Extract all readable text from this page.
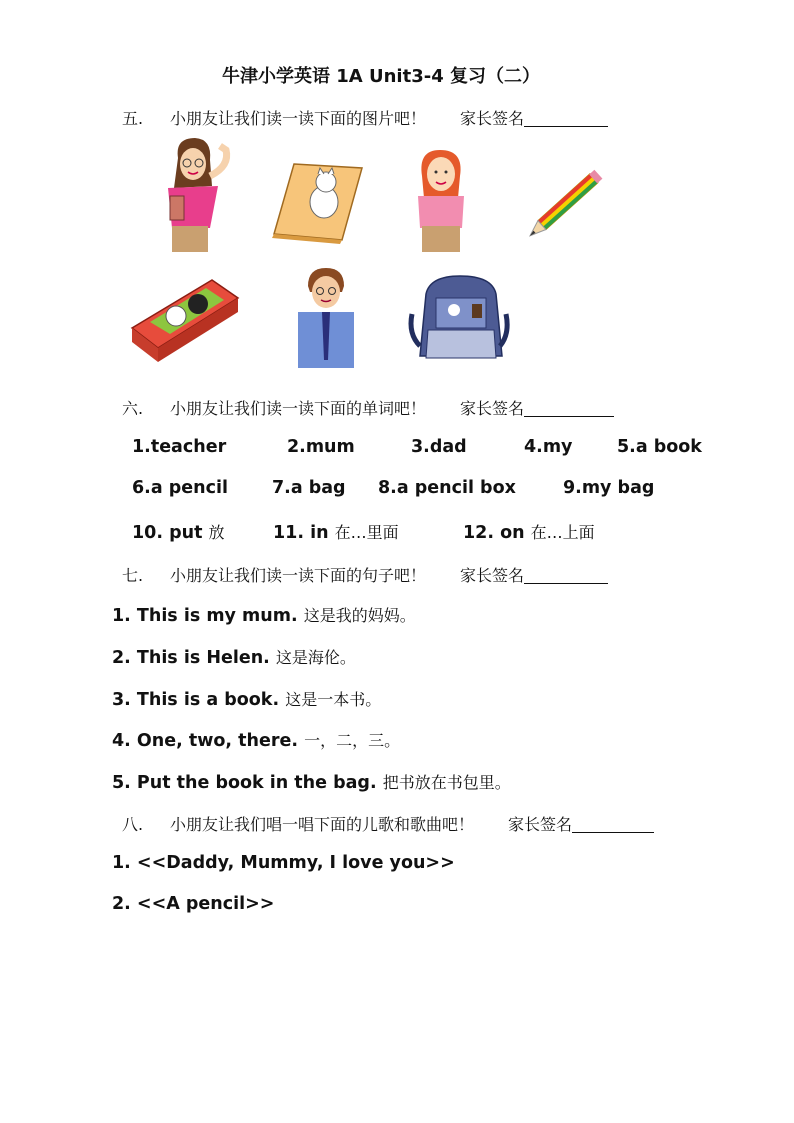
牛津小学英语 1A Unit3-4 复习（二）
五. 小朋友让我们读一读下面的图片吧！ 家长签名
六. 小朋友让我们读一读下面的单词吧！ 家长签名
1.teacher	2.mum	3.dad	4.my	5.a book
6.a pencil	7.a bag 8.a pencil box	9.my bag
10. put 放	11. in 在…里面	12. on 在…上面
七. 小朋友让我们读一读下面的句子吧！ 家长签名
1. This is my mum. 这是我的妈妈。
2. This is Helen. 这是海伦。
3. This is a book. 这是一本书。
4. One, two, there. 一，二，三。
5. Put the book in the bag. 把书放在书包里。
八. 小朋友让我们唱一唱下面的儿歌和歌曲吧！ 家长签名
1. <<Daddy, Mummy, I love you>>
2. <<A pencil>>
